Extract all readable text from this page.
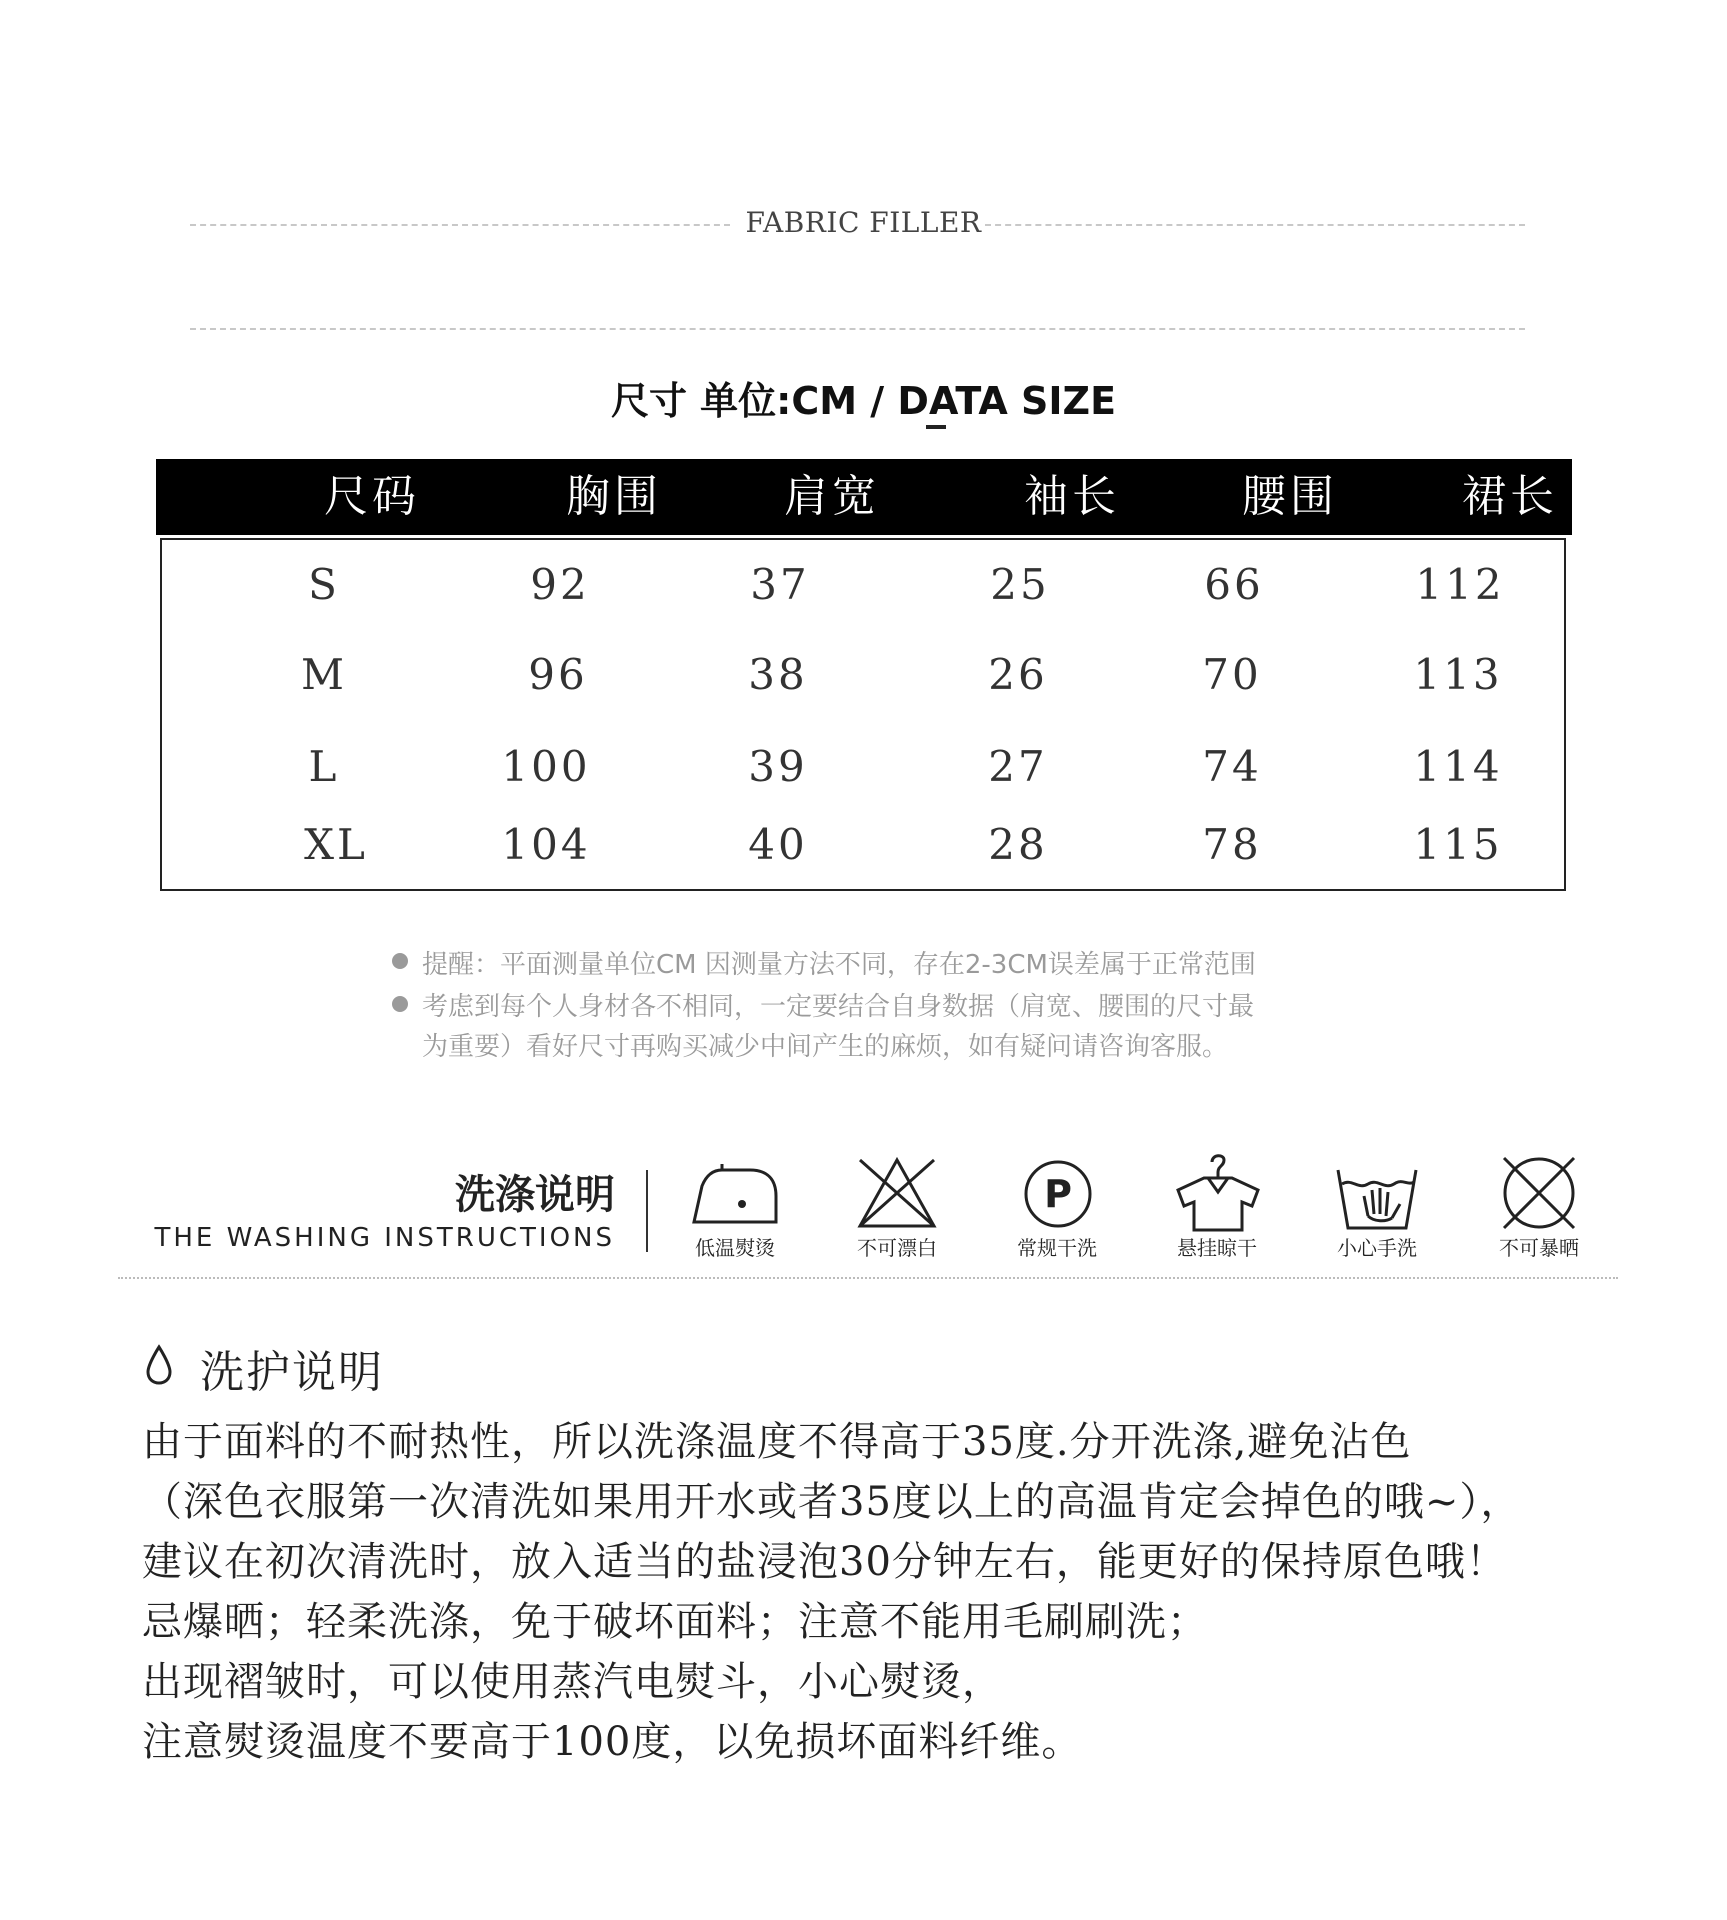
FABRIC FILLER
尺寸 单位:CM / DATA SIZE
尺码	胸围	肩宽	袖长	腰围	裙长
S	92	37	25	66	112
M	96	38	26	70	113
L	100	39	27	74	114
XL	104	40	28	78	115
提醒：平面测量单位CM 因测量方法不同，存在2-3CM误差属于正常范围
考虑到每个人身材各不相同，一定要结合自身数据（肩宽、腰围的尺寸最
为重要）看好尺寸再购买减少中间产生的麻烦，如有疑问请咨询客服。
洗涤说明
THE WASHING INSTRUCTIONS	低温熨烫	不可漂白
P
常规干洗	悬挂晾干	小心手洗	不可暴晒
洗护说明
由于面料的不耐热性，所以洗涤温度不得高于35度.分开洗涤,避免沾色
（深色衣服第一次清洗如果用开水或者35度以上的高温肯定会掉色的哦~），
建议在初次清洗时，放入适当的盐浸泡30分钟左右，能更好的保持原色哦！
忌爆晒；轻柔洗涤，免于破坏面料；注意不能用毛刷刷洗；
出现褶皱时，可以使用蒸汽电熨斗，小心熨烫，
注意熨烫温度不要高于100度，以免损坏面料纤维。
